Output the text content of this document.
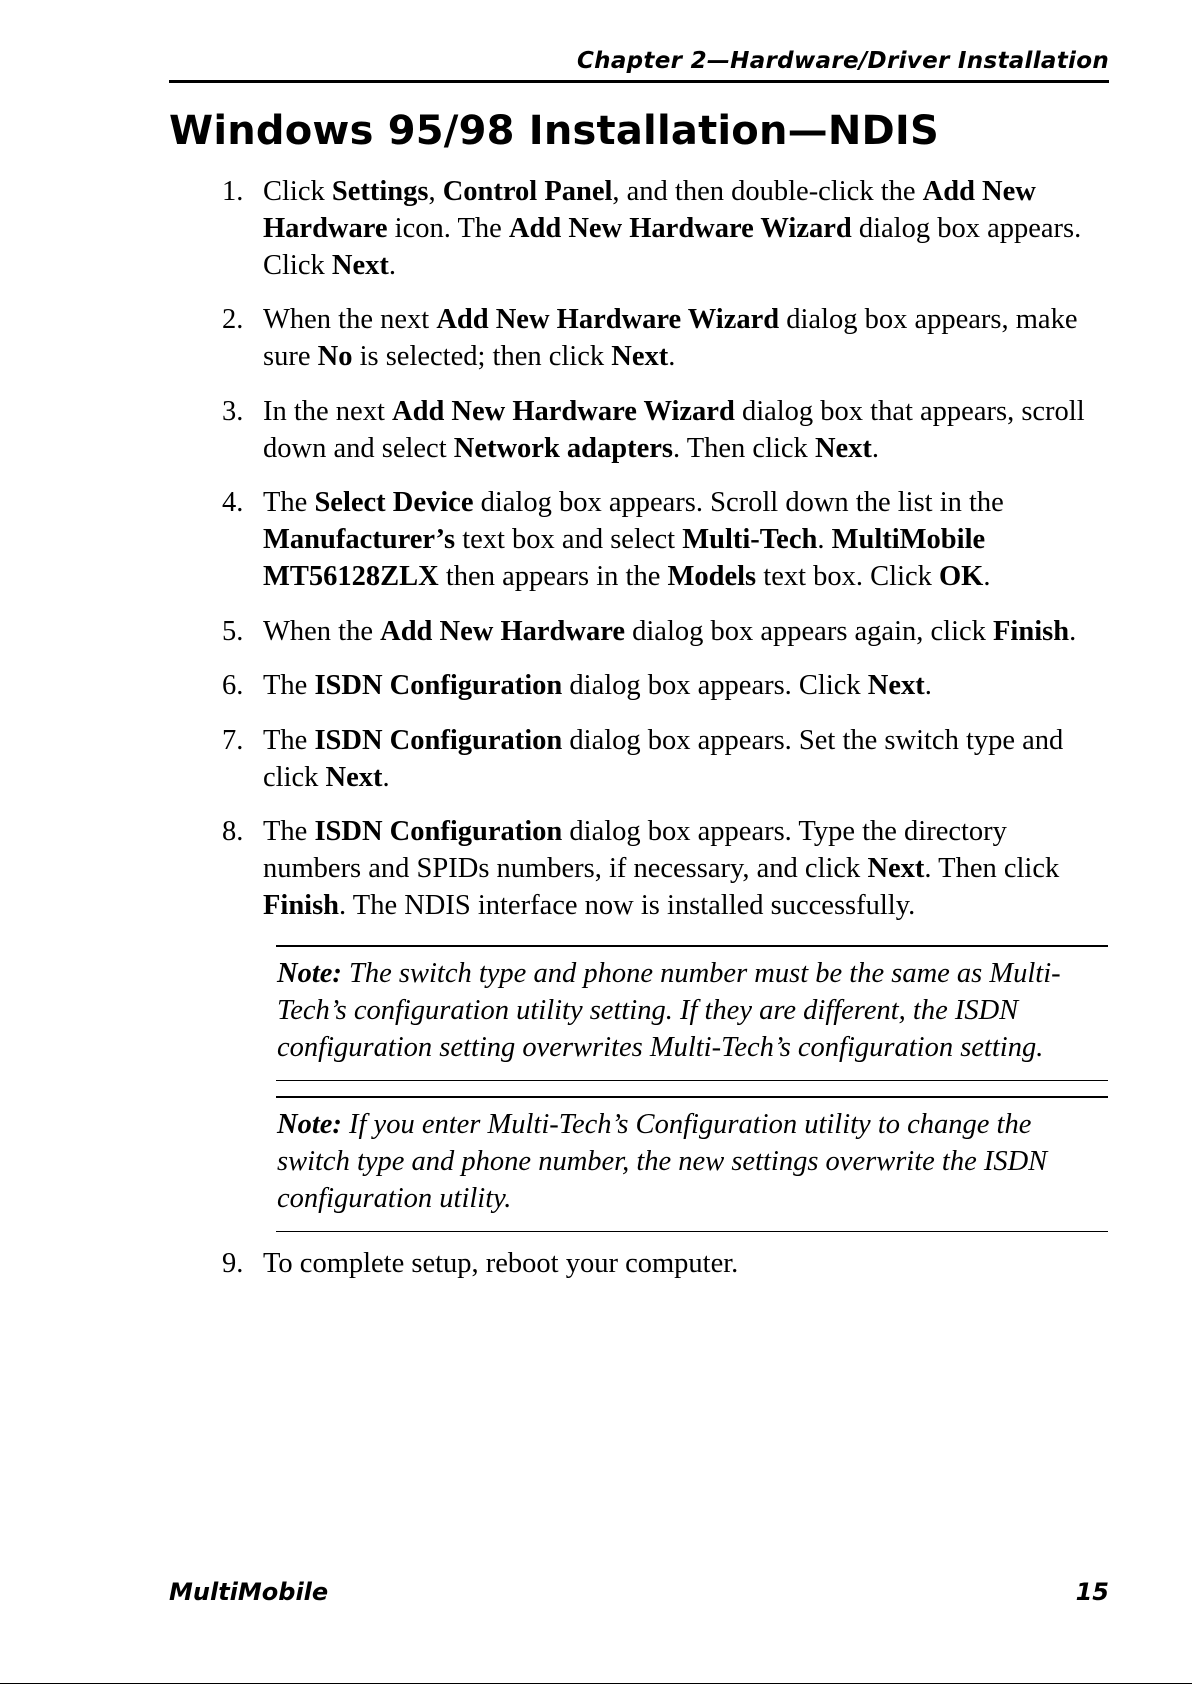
Chapter 2—Hardware/Driver Installation
Windows 95/98 Installation—NDIS
1. Click Settings, Control Panel, and then double-click the Add New
Hardware icon. The Add New Hardware Wizard dialog box appears.
Click Next.
2. When the next Add New Hardware Wizard dialog box appears, make
sure No is selected; then click Next.
3. In the next Add New Hardware Wizard dialog box that appears, scroll
down and select Network adapters. Then click Next.
4. The Select Device dialog box appears. Scroll down the list in the
Manufacturer’s text box and select Multi-Tech. MultiMobile
MT56128ZLX then appears in the Models text box. Click OK.
5. When the Add New Hardware dialog box appears again, click Finish.
6. The ISDN Configuration dialog box appears. Click Next.
7. The ISDN Configuration dialog box appears. Set the switch type and
click Next.
8. The ISDN Configuration dialog box appears. Type the directory
numbers and SPIDs numbers, if necessary, and click Next. Then click
Finish. The NDIS interface now is installed successfully.
Note: The switch type and phone number must be the same as Multi-
Tech’s configuration utility setting. If they are different, the ISDN
configuration setting overwrites Multi-Tech’s configuration setting.
Note: If you enter Multi-Tech’s Configuration utility to change the
switch type and phone number, the new settings overwrite the ISDN
configuration utility.
9. To complete setup, reboot your computer.
MultiMobile	15
